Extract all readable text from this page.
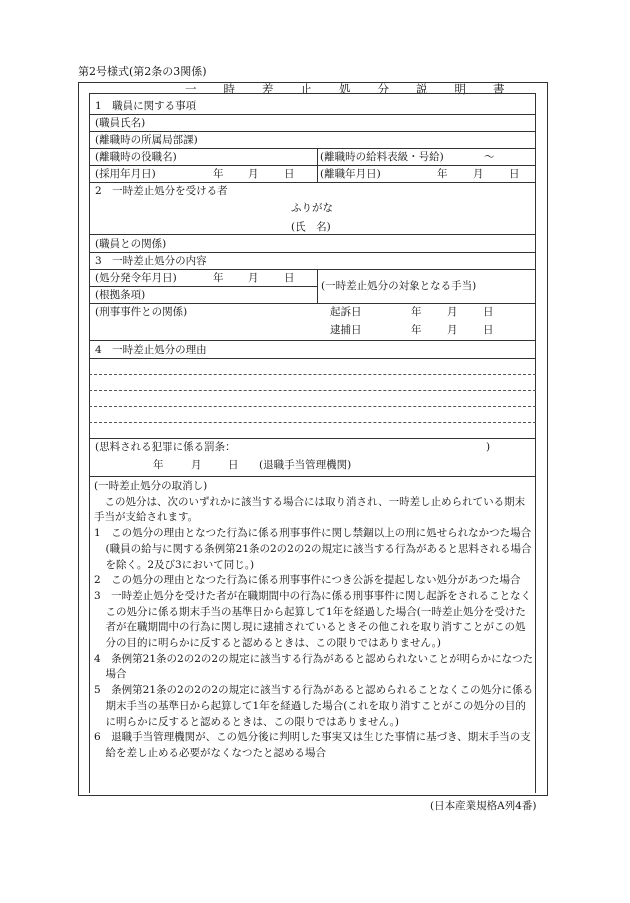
第2号様式(第2条の3関係)
一時差止処分説明書
1　職員に関する事項
(職員氏名)
(離職時の所属局部課)
(離職時の役職名)	(離職時の給料表級・号給)	～
(採用年月日)	年 月 日 (離職年月日)	年 月 日
2　一時差止処分を受ける者
ふりがな
(氏　名)
(職員との関係)
3　一時差止処分の内容
(処分発令年月日)	年 月 日
(一時差止処分の対象となる手当)
(根拠条項)
(刑事事件との関係)	起訴日	年 月 日
逮捕日	年 月 日
4　一時差止処分の理由
(思料される犯罪に係る罰条：	)
年	月	日 (退職手当管理機関)

(一時差止処分の取消し)

この処分は、次のいずれかに該当する場合には取り消され、一時差し止められている期末手当が支給されます。

1　この処分の理由となつた行為に係る刑事事件に関し禁錮以上の刑に処せられなかつた場合(職員の給与に関する条例第21条の2の2の2の規定に該当する行為があると思料される場合を除く。2及び3において同じ。)

2　この処分の理由となつた行為に係る刑事事件につき公訴を提起しない処分があつた場合

3　一時差止処分を受けた者が在職期間中の行為に係る刑事事件に関し起訴をされることなくこの処分に係る期末手当の基準日から起算して1年を経過した場合(一時差止処分を受けた者が在職期間中の行為に関し現に逮捕されているときその他これを取り消すことがこの処分の目的に明らかに反すると認めるときは、この限りではありません。)

4　条例第21条の2の2の2の規定に該当する行為があると認められないことが明らかになつた場合

5　条例第21条の2の2の2の規定に該当する行為があると認められることなくこの処分に係る期末手当の基準日から起算して1年を経過した場合(これを取り消すことがこの処分の目的に明らかに反すると認めるときは、この限りではありません。)

6　退職手当管理機関が、この処分後に判明した事実又は生じた事情に基づき、期末手当の支給を差し止める必要がなくなつたと認める場合

(日本産業規格A列4番)
